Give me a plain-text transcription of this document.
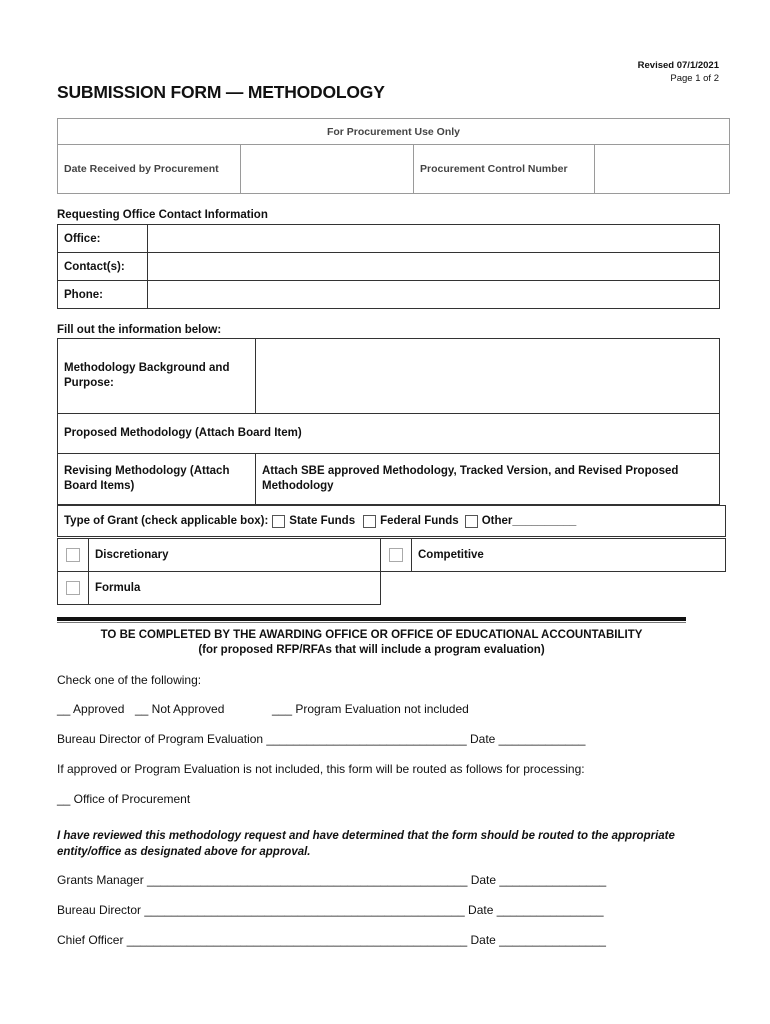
Revised 07/1/2021
Page 1 of 2
SUBMISSION FORM — METHODOLOGY
For Procurement Use Only
Date Received by Procurement		Procurement Control Number	
Requesting Office Contact Information
Office:	
Contact(s):	
Phone:	
Fill out the information below:
Methodology Background and Purpose:	
Proposed Methodology (Attach Board Item)	
Revising Methodology (Attach Board Items)	Attach SBE approved Methodology, Tracked Version, and Revised Proposed Methodology
Type of Grant (check applicable box): State Funds Federal Funds Other__________
	Discretionary		Competitive
	Formula		
TO BE COMPLETED BY THE AWARDING OFFICE OR OFFICE OF EDUCATIONAL ACCOUNTABILITY
(for proposed RFP/RFAs that will include a program evaluation)
Check one of the following:
__ Approved __ Not Approved	___ Program Evaluation not included
Bureau Director of Program Evaluation ______________________________ Date _____________
If approved or Program Evaluation is not included, this form will be routed as follows for processing:
__ Office of Procurement
I have reviewed this methodology request and have determined that the form should be routed to the appropriate entity/office as designated above for approval.
Grants Manager ________________________________________________ Date ________________
Bureau Director ________________________________________________ Date ________________
Chief Officer ___________________________________________________ Date ________________
